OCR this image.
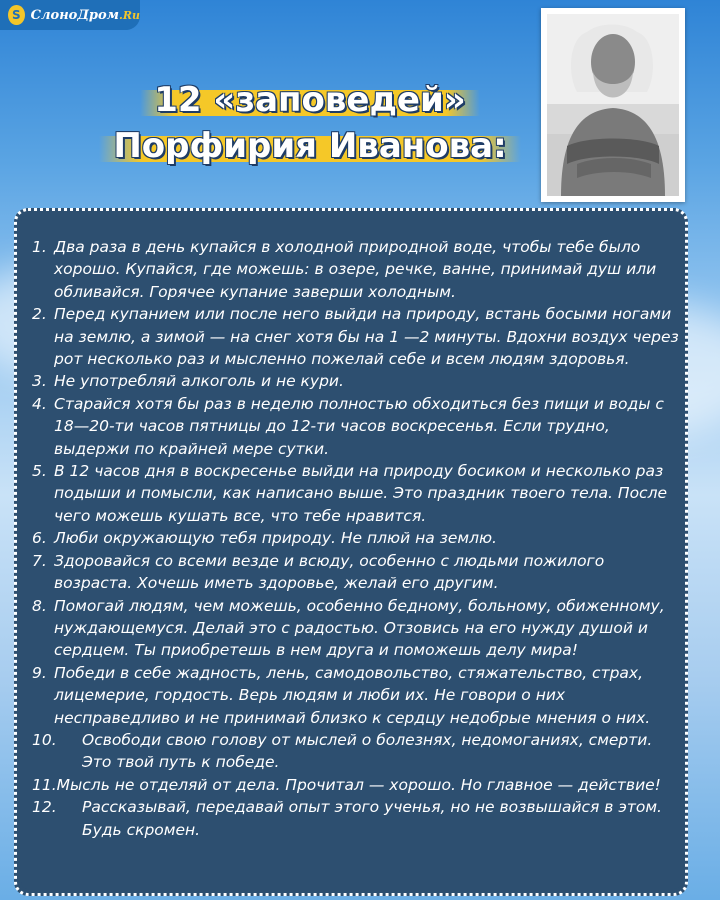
S СлоноДром.Ru
12 «заповедей»
Порфирия Иванова:
1. Два раза в день купайся в холодной природной воде, чтобы тебе было хорошо. Купайся, где можешь: в озере, речке, ванне, принимай душ или обливайся. Горячее купание заверши холодным.
2. Перед купанием или после него выйди на природу, встань босыми ногами на землю, а зимой — на снег хотя бы на 1 —2 минуты. Вдохни воздух через рот несколько раз и мысленно пожелай себе и всем людям здоровья.
3. Не употребляй алкоголь и не кури.
4. Старайся хотя бы раз в неделю полностью обходиться без пищи и воды с 18—20-ти часов пятницы до 12-ти часов воскресенья. Если трудно, выдержи по крайней мере сутки.
5. В 12 часов дня в воскресенье выйди на природу босиком и несколько раз подыши и помысли, как написано выше. Это праздник твоего тела. После чего можешь кушать все, что тебе нравится.
6. Люби окружающую тебя природу. Не плюй на землю.
7. Здоровайся со всеми везде и всюду, особенно с людьми пожилого возраста. Хочешь иметь здоровье, желай его другим.
8. Помогай людям, чем можешь, особенно бедному, больному, обиженному, нуждающемуся. Делай это с радостью. Отзовись на его нужду душой и сердцем. Ты приобретешь в нем друга и поможешь делу мира!
9. Победи в себе жадность, лень, самодовольство, стяжательство, страх, лицемерие, гордость. Верь людям и люби их. Не говори о них несправедливо и не принимай близко к сердцу недобрые мнения о них.
10.	Освободи свою голову от мыслей о болезнях, недомоганиях, смерти. Это твой путь к победе.
11. Мысль не отделяй от дела. Прочитал — хорошо. Но главное — действие!
12.	Рассказывай, передавай опыт этого ученья, но не возвышайся в этом. Будь скромен.
